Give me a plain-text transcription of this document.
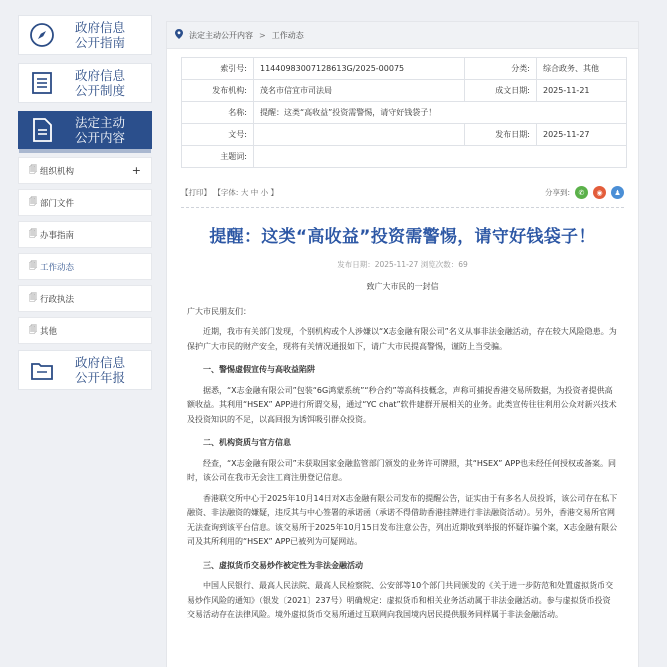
政府信息
公开指南
政府信息
公开制度
法定主动
公开内容
🗐 组织机构	+
🗐 部门文件
🗐 办事指南
🗐 工作动态
🗐 行政执法
🗐 其他
政府信息
公开年报
法定主动公开内容 > 工作动态
索引号:	11440983007128613G/2025-00075	分类:	综合政务、其他
发布机构:	茂名市信宜市司法局	成文日期:	2025-11-21
名称:	提醒：这类“高收益”投资需警惕，请守好钱袋子！		
文号:		发布日期:	2025-11-27
主题词:			
【打印】 【字体: 大 中 小 】	分享到:	✆	◉	♟
提醒：这类“高收益”投资需警惕，请守好钱袋子！
发布日期：2025-11-27 浏览次数：69
致广大市民的一封信
广大市民朋友们：

近期，我市有关部门发现，个别机构或个人涉嫌以“X志金融有限公司”名义从事非法金融活动，存在较大风险隐患。为保护广大市民的财产安全，现将有关情况通报如下，请广大市民提高警惕，谨防上当受骗。

一、警惕虚假宣传与高收益陷阱

据悉，“X志金融有限公司”包装“6G鸿蒙系统”“秒合约”等高科技概念，声称可捕捉香港交易所数据，为投资者提供高额收益。其利用“HSEX” APP进行所谓交易，通过“YC chat”软件建群开展相关的业务。此类宣传往往利用公众对新兴技术及投资知识的不足，以高回报为诱饵吸引群众投资。

二、机构资质与官方信息

经查，“X志金融有限公司”未获取国家金融监管部门颁发的业务许可牌照，其“HSEX” APP也未经任何授权或备案。同时，该公司在我市无会注工商注册登记信息。

香港联交所中心于2025年10月14日对X志金融有限公司发布的提醒公告，证实由于有多名人员投诉，该公司存在私下融资、非法融资的嫌疑，违反其与中心签署的承诺函（承诺不得借助香港挂牌进行非法融资活动）。另外，香港交易所官网无法查询到该平台信息。该交易所于2025年10月15日发布注意公告，列出近期收到举报的怀疑诈骗个案，X志金融有限公司及其所利用的“HSEX” APP已被列为可疑网站。

三、虚拟货币交易炒作被定性为非法金融活动

中国人民银行、最高人民法院、最高人民检察院、公安部等10个部门共同颁发的《关于进一步防范和处置虚拟货币交易炒作风险的通知》（银发〔2021〕237号）明确规定：虚拟货币和相关业务活动属于非法金融活动。参与虚拟货币投资交易活动存在法律风险。境外虚拟货币交易所通过互联网向我国境内居民提供服务同样属于非法金融活动。
